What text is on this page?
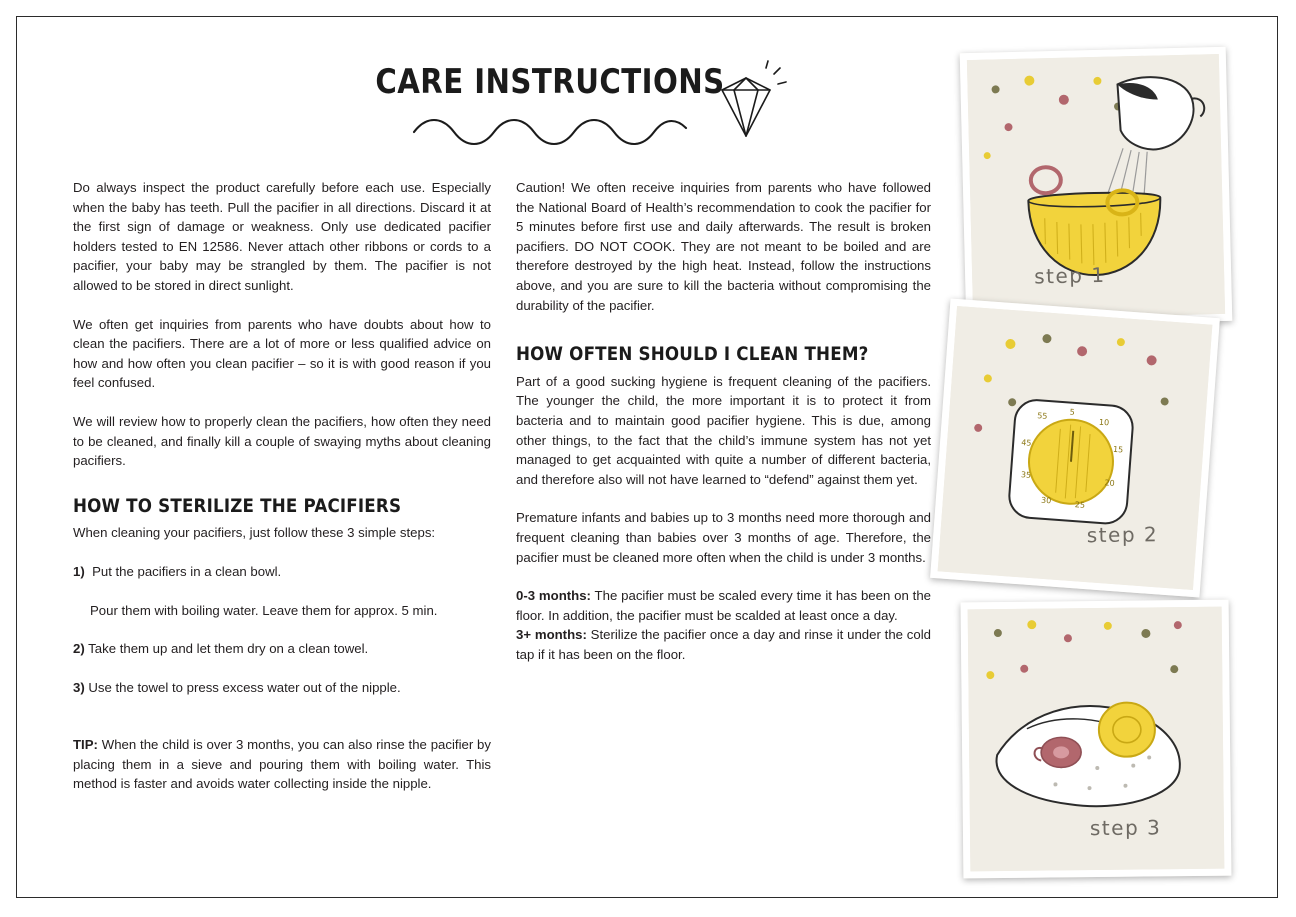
CARE INSTRUCTIONS

Do always inspect the product carefully before each use. Especially when the baby has teeth. Pull the pacifier in all directions. Discard it at the first sign of damage or weakness. Only use dedicated pacifier holders tested to EN 12586. Never attach other ribbons or cords to a pacifier, your baby may be strangled by them. The pacifier is not allowed to be stored in direct sunlight.

We often get inquiries from parents who have doubts about how to clean the pacifiers. There are a lot of more or less qualified advice on how and how often you clean pacifier – so it is with good reason if you feel confused.

We will review how to properly clean the pacifiers, how often they need to be cleaned, and finally kill a couple of swaying myths about cleaning pacifiers.

HOW TO STERILIZE THE PACIFIERS

When cleaning your pacifiers, just follow these 3 simple steps:

1) Put the pacifiers in a clean bowl.

Pour them with boiling water. Leave them for approx. 5 min.

2) Take them up and let them dry on a clean towel.

3) Use the towel to press excess water out of the nipple.

TIP: When the child is over 3 months, you can also rinse the pacifier by placing them in a sieve and pouring them with boiling water. This method is faster and avoids water collecting inside the nipple.

Caution! We often receive inquiries from parents who have followed the National Board of Health’s recommendation to cook the pacifier for 5 minutes before first use and daily afterwards. The result is broken pacifiers. DO NOT COOK. They are not meant to be boiled and are therefore destroyed by the high heat. Instead, follow the instructions above, and you are sure to kill the bacteria without compromising the durability of the pacifier.

HOW OFTEN SHOULD I CLEAN THEM?

Part of a good sucking hygiene is frequent cleaning of the pacifiers. The younger the child, the more important it is to protect it from bacteria and to maintain good pacifier hygiene. This is due, among other things, to the fact that the child’s immune system has not yet managed to get acquainted with quite a number of different bacteria, and therefore also will not have learned to “defend” against them yet.

Premature infants and babies up to 3 months need more thorough and frequent cleaning than babies over 3 months of age. Therefore, the pacifier must be cleaned more often when the child is under 3 months.

0-3 months: The pacifier must be scaled every time it has been on the floor. In addition, the pacifier must be scalded at least once a day.

3+ months: Sterilize the pacifier once a day and rinse it under the cold tap if it has been on the floor.

step 1
5
10
15
20
25
30
35
45
55
step 2
step 3
